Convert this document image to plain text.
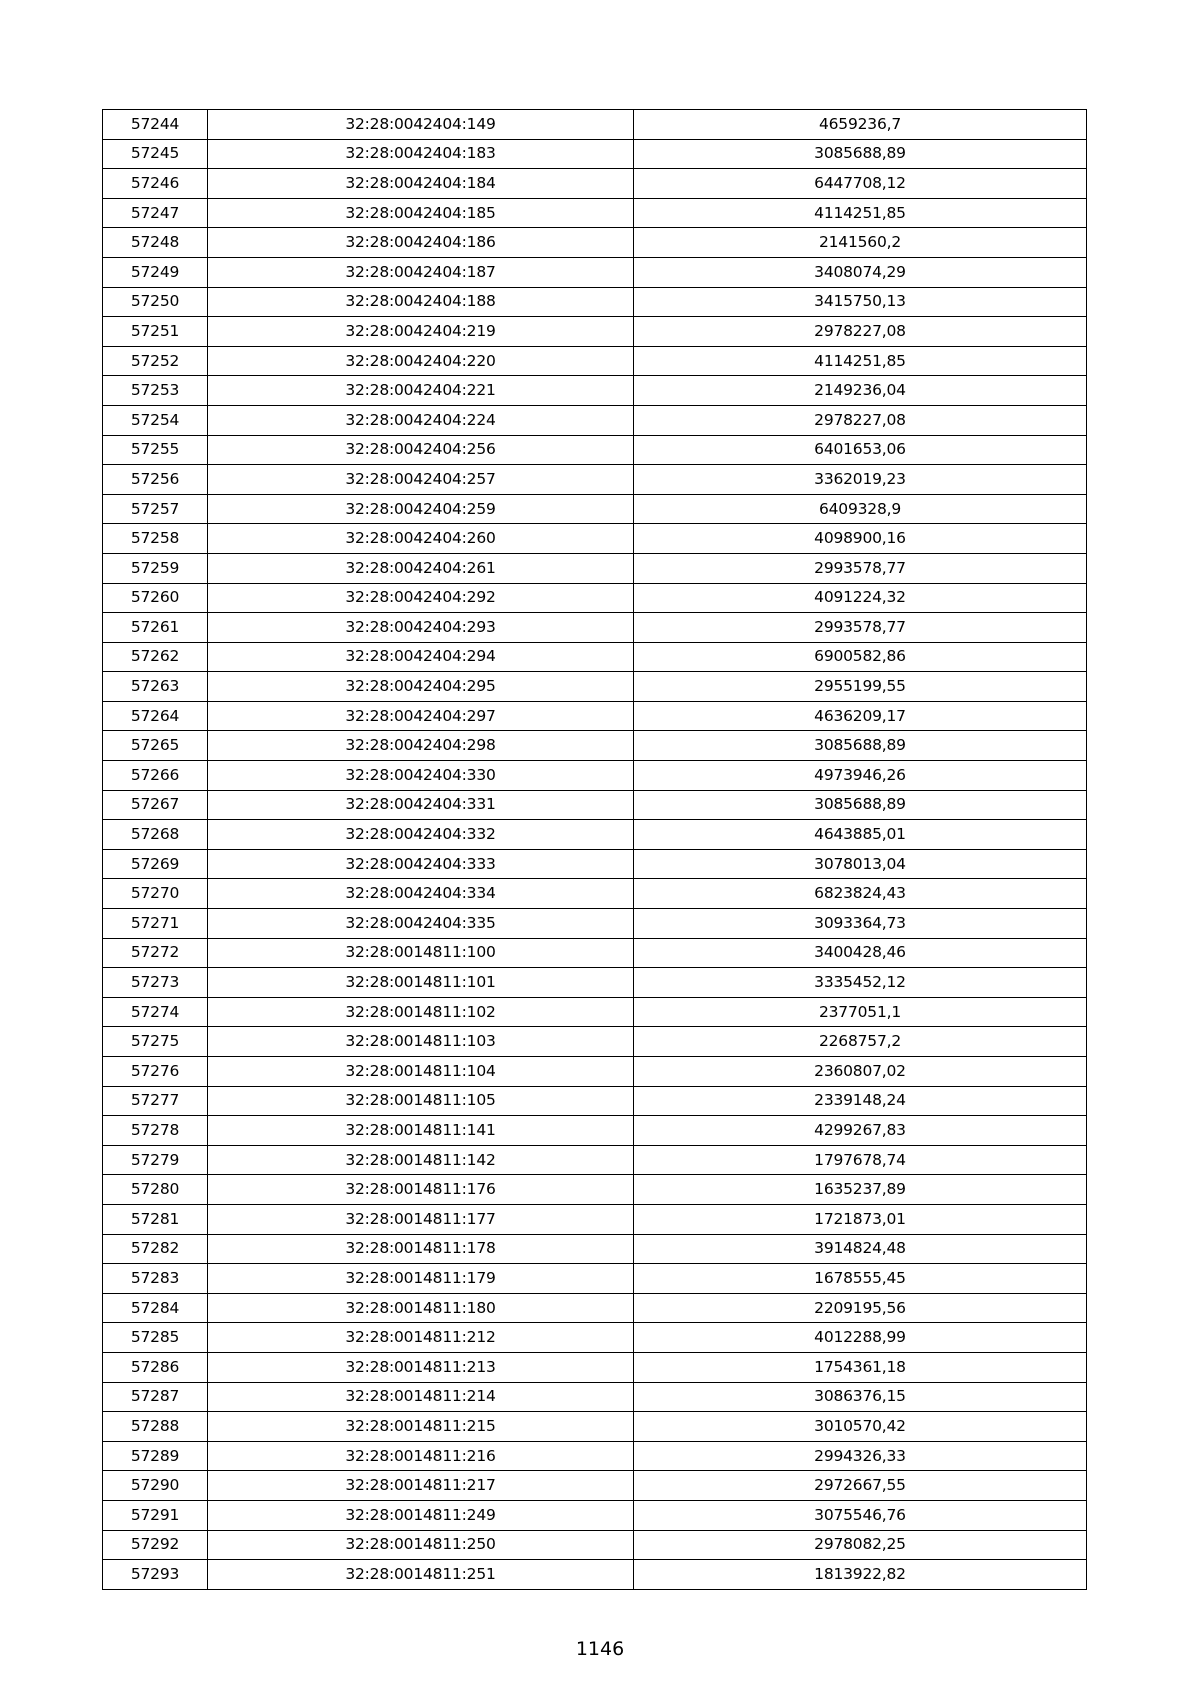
57244	32:28:0042404:149	4659236,7
57245	32:28:0042404:183	3085688,89
57246	32:28:0042404:184	6447708,12
57247	32:28:0042404:185	4114251,85
57248	32:28:0042404:186	2141560,2
57249	32:28:0042404:187	3408074,29
57250	32:28:0042404:188	3415750,13
57251	32:28:0042404:219	2978227,08
57252	32:28:0042404:220	4114251,85
57253	32:28:0042404:221	2149236,04
57254	32:28:0042404:224	2978227,08
57255	32:28:0042404:256	6401653,06
57256	32:28:0042404:257	3362019,23
57257	32:28:0042404:259	6409328,9
57258	32:28:0042404:260	4098900,16
57259	32:28:0042404:261	2993578,77
57260	32:28:0042404:292	4091224,32
57261	32:28:0042404:293	2993578,77
57262	32:28:0042404:294	6900582,86
57263	32:28:0042404:295	2955199,55
57264	32:28:0042404:297	4636209,17
57265	32:28:0042404:298	3085688,89
57266	32:28:0042404:330	4973946,26
57267	32:28:0042404:331	3085688,89
57268	32:28:0042404:332	4643885,01
57269	32:28:0042404:333	3078013,04
57270	32:28:0042404:334	6823824,43
57271	32:28:0042404:335	3093364,73
57272	32:28:0014811:100	3400428,46
57273	32:28:0014811:101	3335452,12
57274	32:28:0014811:102	2377051,1
57275	32:28:0014811:103	2268757,2
57276	32:28:0014811:104	2360807,02
57277	32:28:0014811:105	2339148,24
57278	32:28:0014811:141	4299267,83
57279	32:28:0014811:142	1797678,74
57280	32:28:0014811:176	1635237,89
57281	32:28:0014811:177	1721873,01
57282	32:28:0014811:178	3914824,48
57283	32:28:0014811:179	1678555,45
57284	32:28:0014811:180	2209195,56
57285	32:28:0014811:212	4012288,99
57286	32:28:0014811:213	1754361,18
57287	32:28:0014811:214	3086376,15
57288	32:28:0014811:215	3010570,42
57289	32:28:0014811:216	2994326,33
57290	32:28:0014811:217	2972667,55
57291	32:28:0014811:249	3075546,76
57292	32:28:0014811:250	2978082,25
57293	32:28:0014811:251	1813922,82
1146
